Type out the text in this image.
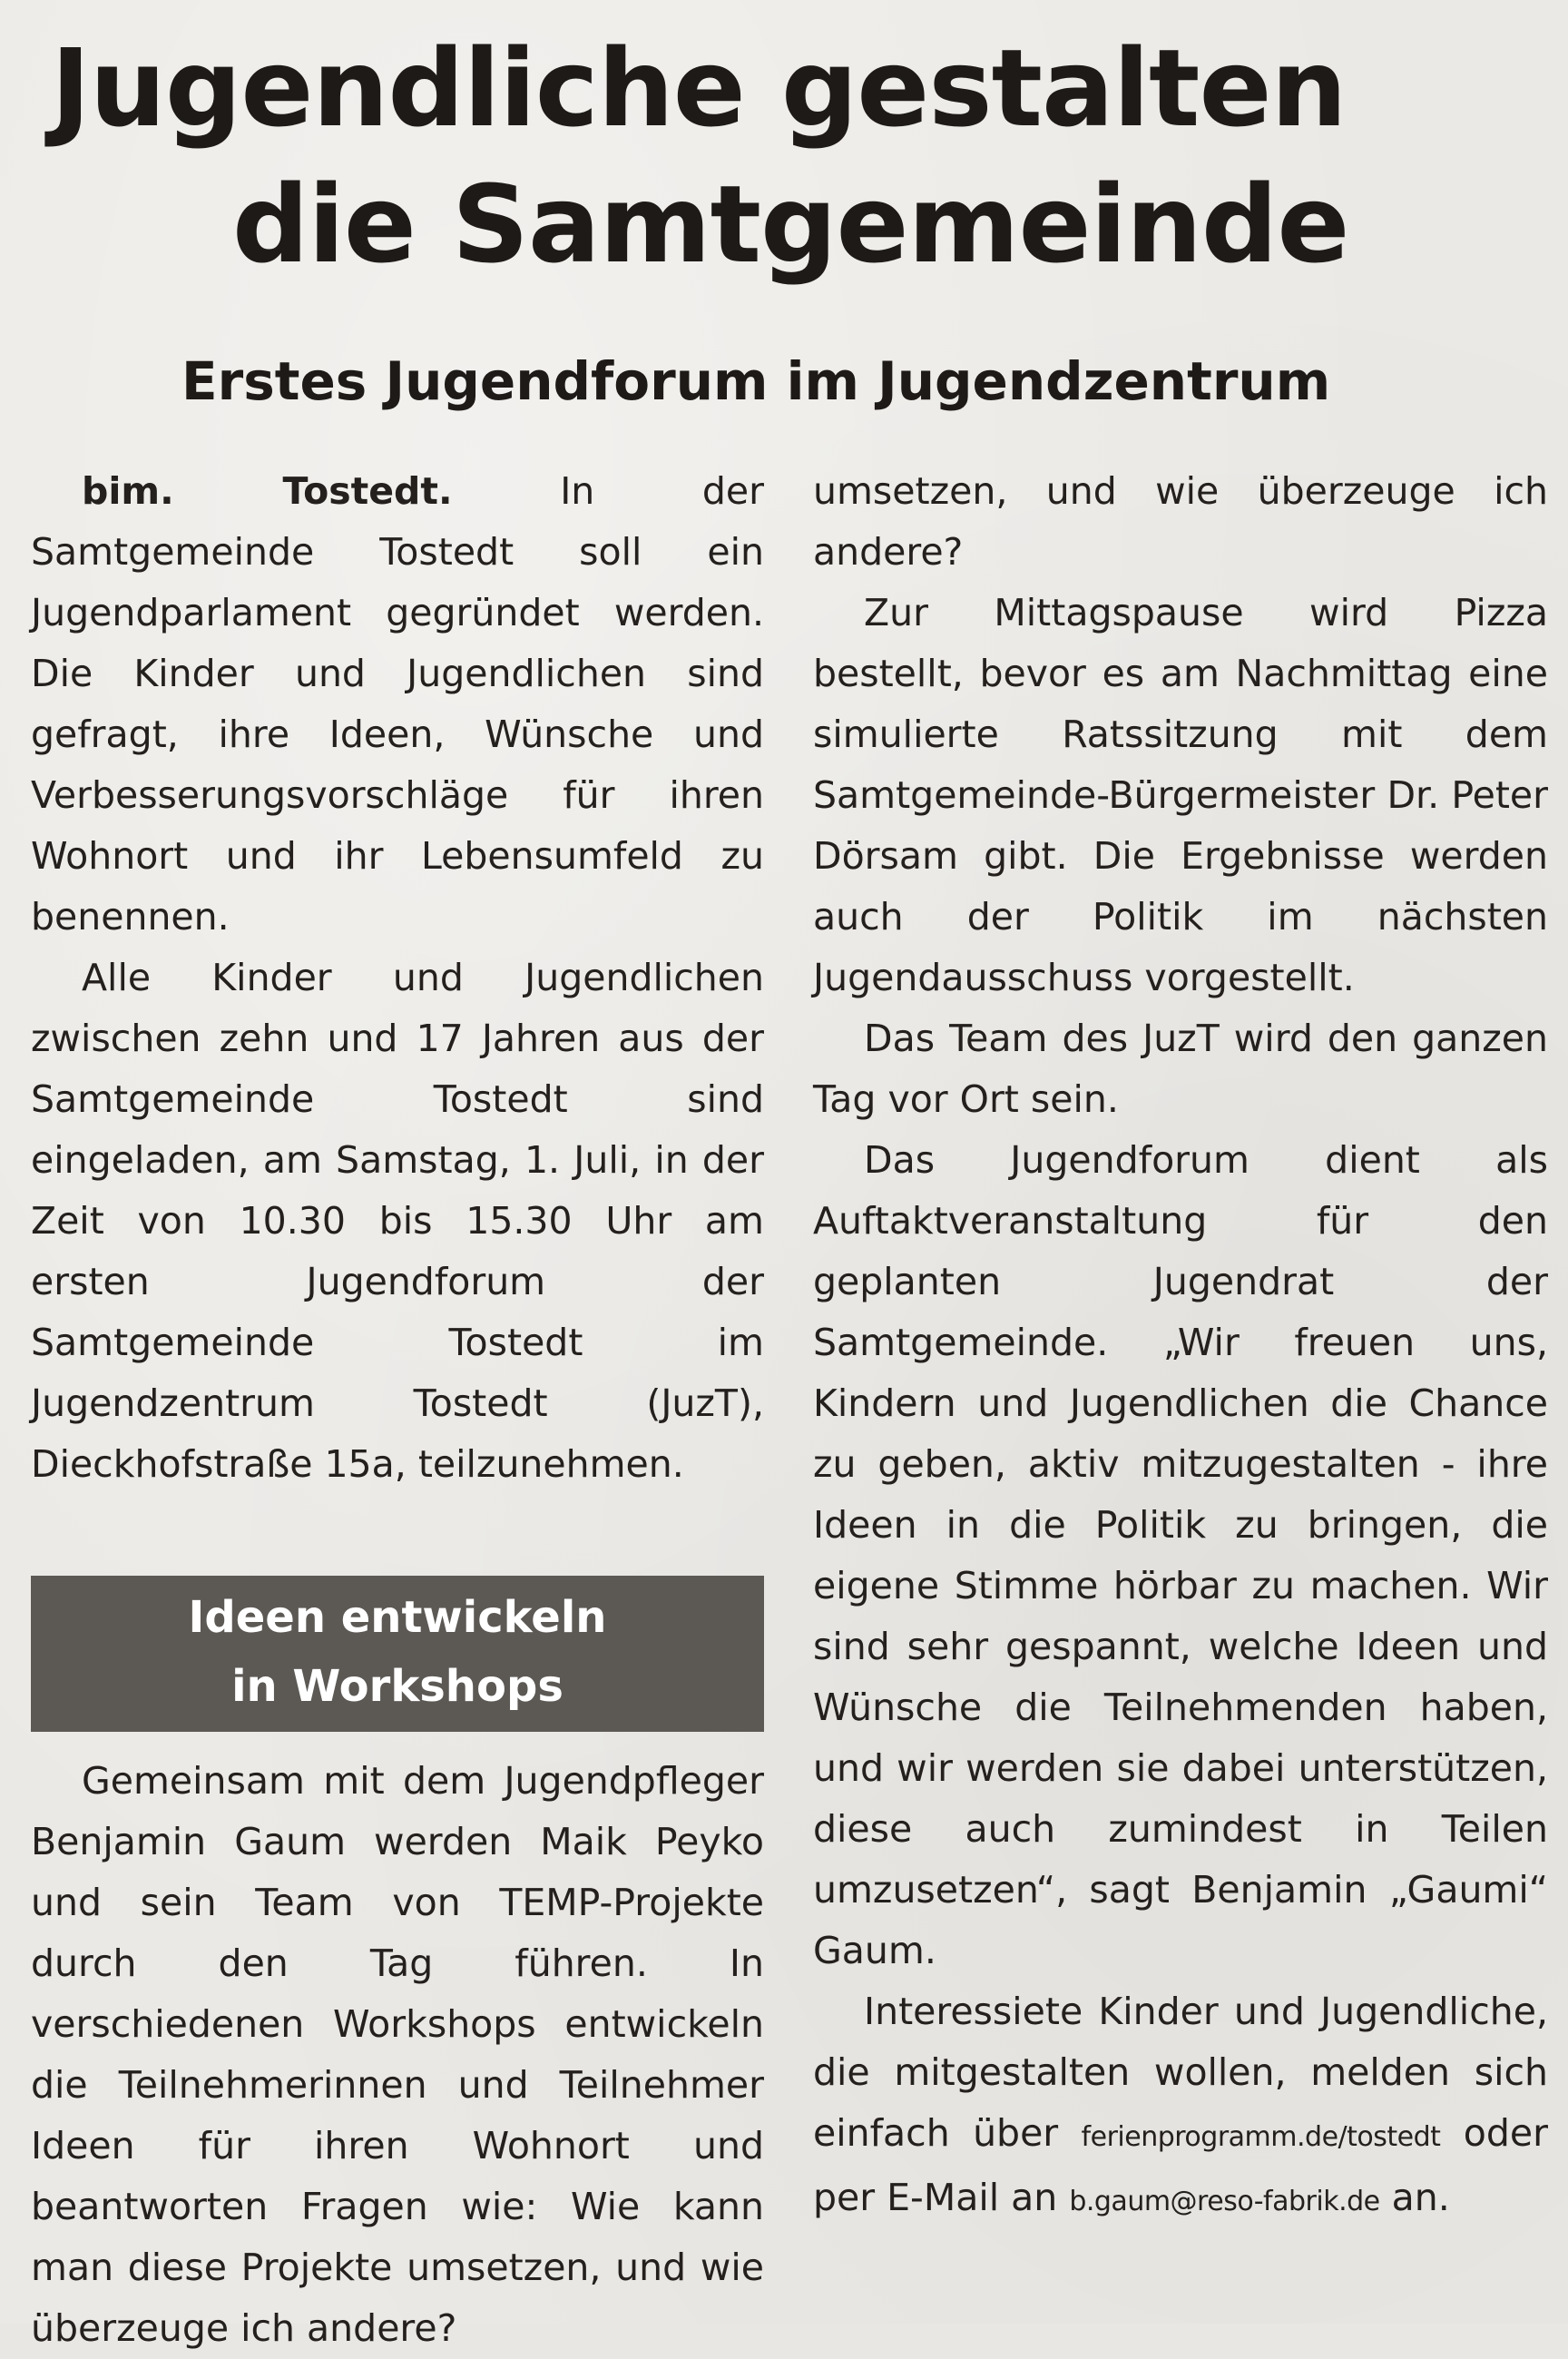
Jugendliche gestalten
die Samtgemeinde
Erstes Jugendforum im Jugendzentrum

bim. Tostedt.	In der Samtgemeinde Tostedt soll ein Jugendparlament gegründet werden. Die Kinder und Jugendlichen sind gefragt, ihre Ideen, Wünsche und Verbesserungsvorschläge für ihren Wohnort und ihr Lebensumfeld zu benennen.

Alle Kinder und Jugendlichen zwischen zehn und 17 Jahren aus der Samtgemeinde Tostedt sind eingeladen, am Samstag, 1. Juli, in der Zeit von 10.30 bis 15.30 Uhr am ersten Jugendforum der Samtgemeinde Tostedt im Jugendzentrum Tostedt (JuzT), Dieckhofstraße 15a, teilzunehmen.

Ideen entwickeln
in Workshops

Gemeinsam mit dem Jugendpfleger Benjamin Gaum werden Maik Peyko und sein Team von TEMP-Projekte durch den Tag führen. In verschiedenen Workshops entwickeln die Teilnehmerinnen und Teilnehmer Ideen für ihren Wohnort und beantworten Fragen wie: Wie kann man diese Projekte umsetzen, und wie überzeuge ich andere?

umsetzen, und wie überzeuge ich andere?

Zur Mittagspause wird Pizza bestellt, bevor es am Nachmittag eine simulierte Ratssitzung mit dem Samtgemeinde-Bürgermeister Dr. Peter Dörsam gibt. Die Ergebnisse werden auch der Politik im nächsten Jugendausschuss vorgestellt.

Das Team des JuzT wird den ganzen Tag vor Ort sein.

Das Jugendforum dient als Auftaktveranstaltung für den geplanten Jugendrat der Samtgemeinde. „Wir freuen uns, Kindern und Jugendlichen die Chance zu geben, aktiv mitzugestalten - ihre Ideen in die Politik zu bringen, die eigene Stimme hörbar zu machen. Wir sind sehr gespannt, welche Ideen und Wünsche die Teilnehmenden haben, und wir werden sie dabei unterstützen, diese auch zumindest in Teilen umzusetzen“, sagt Benjamin „Gaumi“ Gaum.

Interessiete Kinder und Jugendliche, die mitgestalten wollen, melden sich einfach über ferienprogramm.de/tostedt oder per E-Mail an b.gaum@reso-fabrik.de an.
